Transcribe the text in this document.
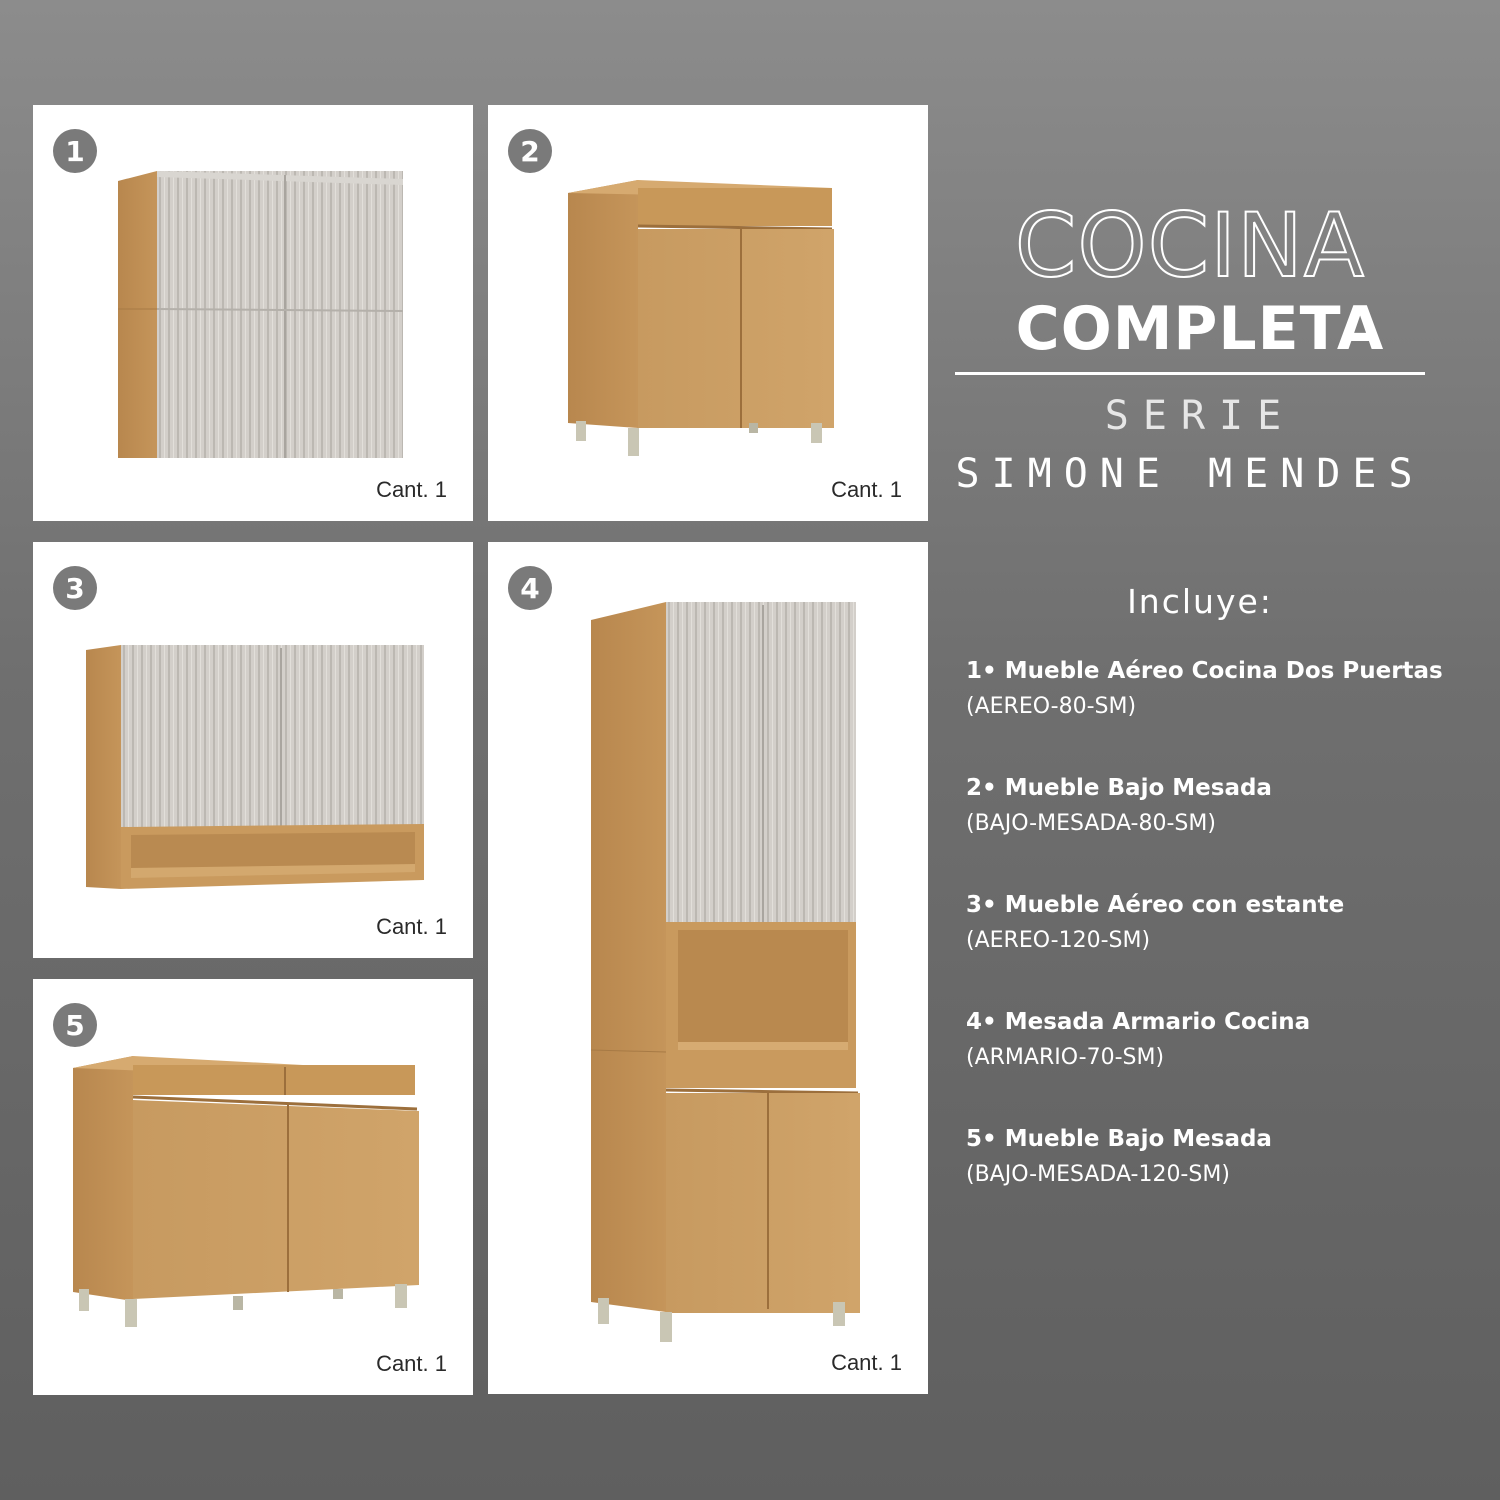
1
Cant. 1
2
Cant. 1
3
Cant. 1
4
Cant. 1
5
Cant. 1
COCINA
COMPLETA
SERIE
SIMONE MENDES
Incluye:
1• Mueble Aéreo Cocina Dos Puertas
(AEREO-80-SM)
2• Mueble Bajo Mesada
(BAJO-MESADA-80-SM)
3• Mueble Aéreo con estante
(AEREO-120-SM)
4• Mesada Armario Cocina
(ARMARIO-70-SM)
5• Mueble Bajo Mesada
(BAJO-MESADA-120-SM)
